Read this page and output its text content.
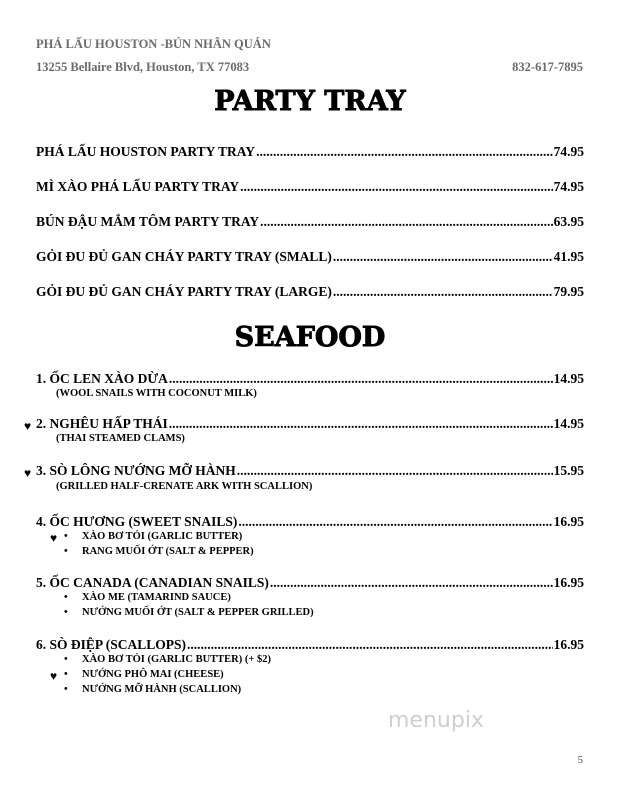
PHÁ LẤU HOUSTON -BÚN NHÂN QUÁN
13255 Bellaire Blvd, Houston, TX 77083	832-617-7895
PARTY TRAY
PHÁ LẤU HOUSTON PARTY TRAY .....	74.95
MÌ XÀO PHÁ LẤU PARTY TRAY .....	74.95
BÚN ĐẬU MẮM TÔM PARTY TRAY .....	63.95
GỎI ĐU ĐỦ GAN CHÁY PARTY TRAY (SMALL) .....	41.95
GỎI ĐU ĐỦ GAN CHÁY PARTY TRAY (LARGE) .....	79.95
SEAFOOD
1. ỐC LEN XÀO DỪA .....	14.95
(WOOL SNAILS WITH COCONUT MILK)
♥ 2. NGHÊU HẤP THÁI .....	14.95
(THAI STEAMED CLAMS)
♥ 3. SÒ LÔNG NƯỚNG MỠ HÀNH .....	15.95
(GRILLED HALF-CRENATE ARK WITH SCALLION)
4. ỐC HƯƠNG (SWEET SNAILS) .....	16.95
♥ •	XÀO BƠ TỎI (GARLIC BUTTER)
•	RANG MUỐI ỚT (SALT & PEPPER)
5. ỐC CANADA (CANADIAN SNAILS) .....	16.95
•	XÀO ME (TAMARIND SAUCE)
•	NƯỚNG MUỐI ỚT (SALT & PEPPER GRILLED)
6. SÒ ĐIỆP (SCALLOPS) .....	16.95
•	XÀO BƠ TỎI (GARLIC BUTTER) (+ $2)
♥ •	NƯỚNG PHÔ MAI (CHEESE)
•	NƯỚNG MỠ HÀNH (SCALLION)
menupix
5
